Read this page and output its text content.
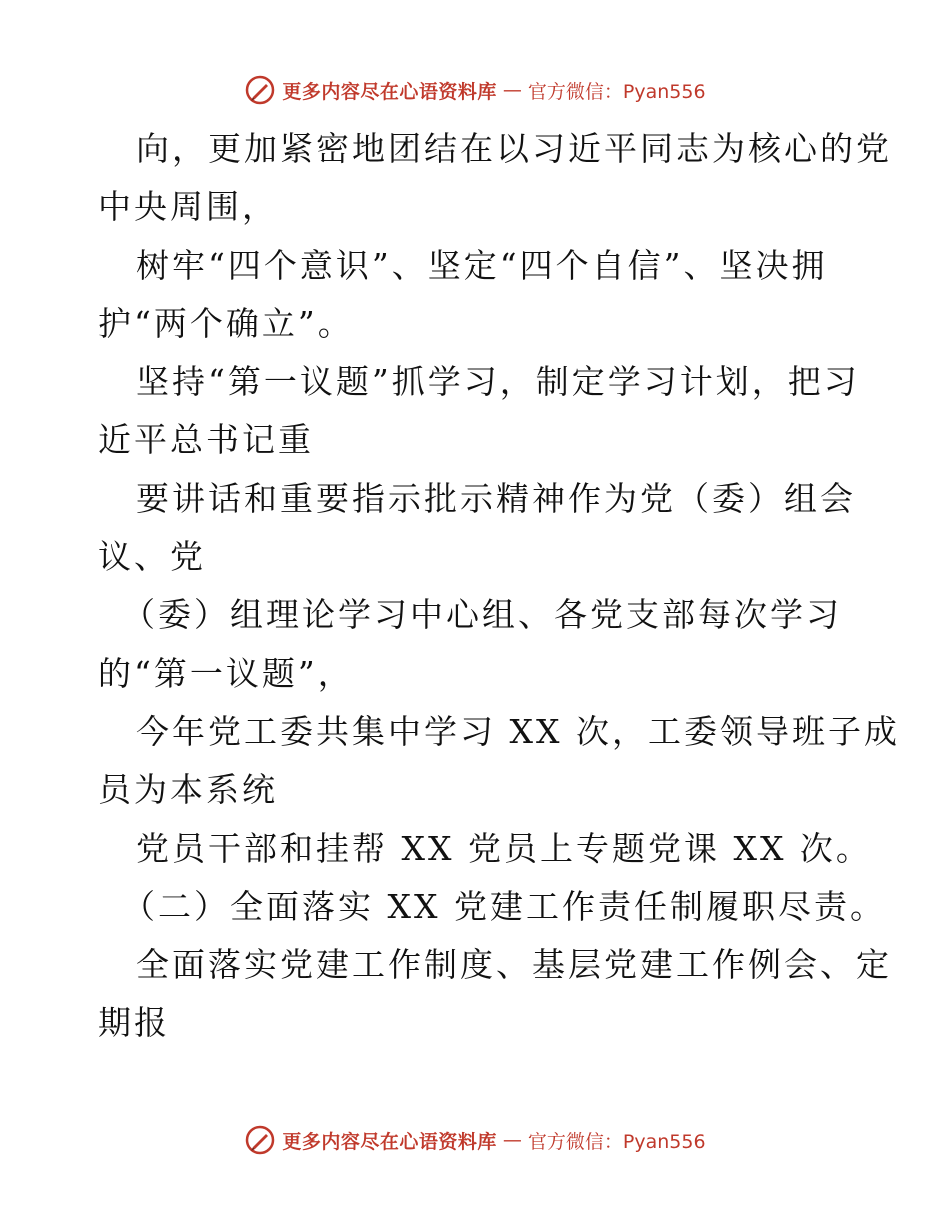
更多内容尽在心语资料库 — 官方微信：Pyan556
向，更加紧密地团结在以习近平同志为核心的党
中央周围，
树牢“四个意识”、坚定“四个自信”、坚决拥
护“两个确立”。
坚持“第一议题”抓学习，制定学习计划，把习
近平总书记重
要讲话和重要指示批示精神作为党（委）组会
议、党
（委）组理论学习中心组、各党支部每次学习
的“第一议题”，
今年党工委共集中学习 XX 次，工委领导班子成
员为本系统
党员干部和挂帮 XX 党员上专题党课 XX 次。
（二）全面落实 XX 党建工作责任制履职尽责。
全面落实党建工作制度、基层党建工作例会、定
期报
更多内容尽在心语资料库 — 官方微信：Pyan556
